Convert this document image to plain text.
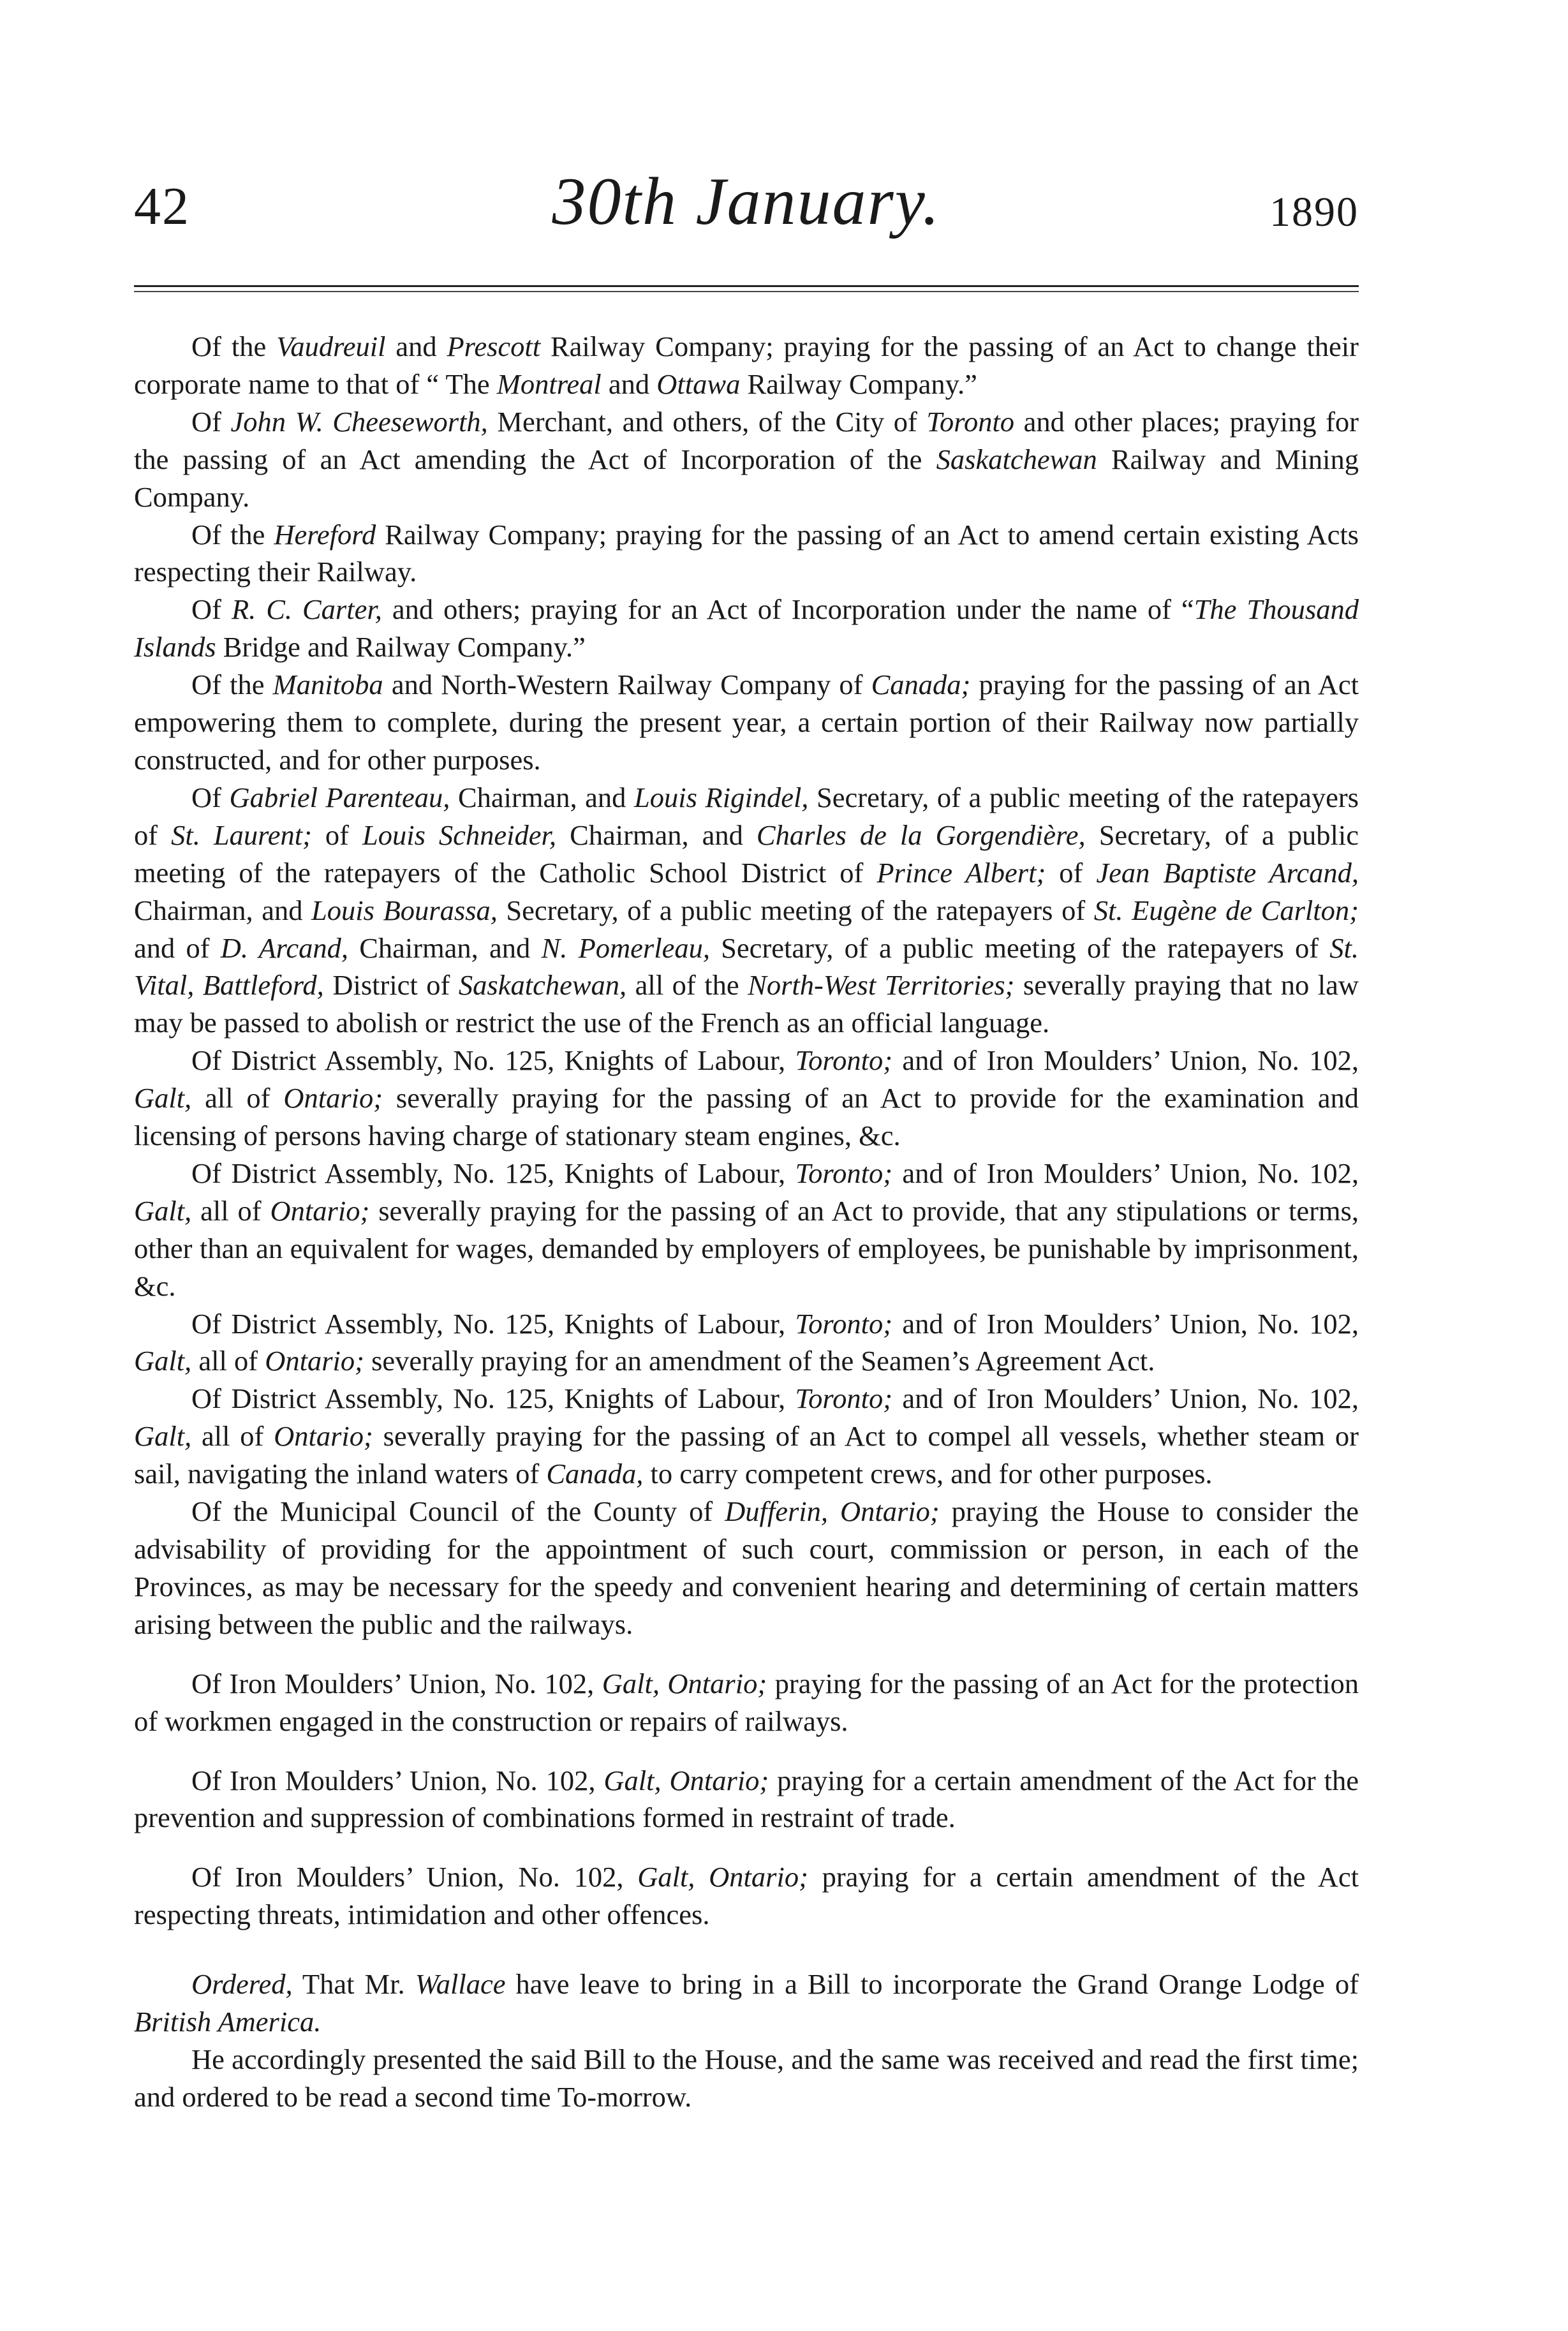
42	30th January.	1890

Of the Vaudreuil and Prescott Railway Company; praying for the passing of an Act to change their corporate name to that of “ The Montreal and Ottawa Railway Company.”

Of John W. Cheeseworth, Merchant, and others, of the City of Toronto and other places; praying for the passing of an Act amending the Act of Incorporation of the Saskatchewan Railway and Mining Company.

Of the Hereford Railway Company; praying for the passing of an Act to amend certain existing Acts respecting their Railway.

Of R. C. Carter, and others; praying for an Act of Incorporation under the name of “The Thousand Islands Bridge and Railway Company.”

Of the Manitoba and North-Western Railway Company of Canada; praying for the passing of an Act empowering them to complete, during the present year, a certain portion of their Railway now partially constructed, and for other purposes.

Of Gabriel Parenteau, Chairman, and Louis Rigindel, Secretary, of a public meeting of the ratepayers of St. Laurent; of Louis Schneider, Chairman, and Charles de la Gorgendière, Secretary, of a public meeting of the ratepayers of the Catholic School District of Prince Albert; of Jean Baptiste Arcand, Chairman, and Louis Bourassa, Secretary, of a public meeting of the ratepayers of St. Eugène de Carlton; and of D. Arcand, Chairman, and N. Pomerleau, Secretary, of a public meeting of the ratepayers of St. Vital, Battleford, District of Saskatchewan, all of the North-West Territories; severally praying that no law may be passed to abolish or restrict the use of the French as an official language.

Of District Assembly, No. 125, Knights of Labour, Toronto; and of Iron Moulders’ Union, No. 102, Galt, all of Ontario; severally praying for the passing of an Act to provide for the examination and licensing of persons having charge of stationary steam engines, &c.

Of District Assembly, No. 125, Knights of Labour, Toronto; and of Iron Moulders’ Union, No. 102, Galt, all of Ontario; severally praying for the passing of an Act to provide, that any stipulations or terms, other than an equivalent for wages, demanded by employers of employees, be punishable by imprisonment, &c.

Of District Assembly, No. 125, Knights of Labour, Toronto; and of Iron Moulders’ Union, No. 102, Galt, all of Ontario; severally praying for an amendment of the Seamen’s Agreement Act.

Of District Assembly, No. 125, Knights of Labour, Toronto; and of Iron Moulders’ Union, No. 102, Galt, all of Ontario; severally praying for the passing of an Act to compel all vessels, whether steam or sail, navigating the inland waters of Canada, to carry competent crews, and for other purposes.

Of the Municipal Council of the County of Dufferin, Ontario; praying the House to consider the advisability of providing for the appointment of such court, commission or person, in each of the Provinces, as may be necessary for the speedy and convenient hearing and determining of certain matters arising between the public and the railways.

Of Iron Moulders’ Union, No. 102, Galt, Ontario; praying for the passing of an Act for the protection of workmen engaged in the construction or repairs of railways.

Of Iron Moulders’ Union, No. 102, Galt, Ontario; praying for a certain amendment of the Act for the prevention and suppression of combinations formed in restraint of trade.

Of Iron Moulders’ Union, No. 102, Galt, Ontario; praying for a certain amendment of the Act respecting threats, intimidation and other offences.

Ordered, That Mr. Wallace have leave to bring in a Bill to incorporate the Grand Orange Lodge of British America.

He accordingly presented the said Bill to the House, and the same was received and read the first time; and ordered to be read a second time To-morrow.
